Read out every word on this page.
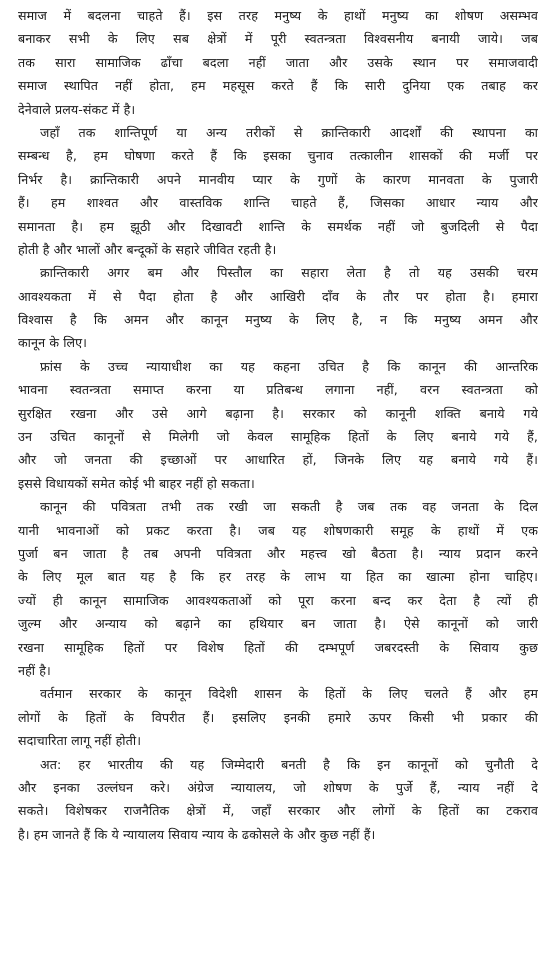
समाज में बदलना चाहते हैं। इस तरह मनुष्य के हाथों मनुष्य का शोषण असम्भव
बनाकर सभी के लिए सब क्षेत्रों में पूरी स्वतन्त्रता विश्वसनीय बनायी जाये। जब
तक सारा सामाजिक ढाँचा बदला नहीं जाता और उसके स्थान पर समाजवादी
समाज स्थापित नहीं होता, हम महसूस करते हैं कि सारी दुनिया एक तबाह कर
देनेवाले प्रलय-संकट में है।
जहाँ तक शान्तिपूर्ण या अन्य तरीकों से क्रान्तिकारी आदर्शों की स्थापना का
सम्बन्ध है, हम घोषणा करते हैं कि इसका चुनाव तत्कालीन शासकों की मर्जी पर
निर्भर है। क्रान्तिकारी अपने मानवीय प्यार के गुणों के कारण मानवता के पुजारी
हैं। हम शाश्वत और वास्तविक शान्ति चाहते हैं, जिसका आधार न्याय और
समानता है। हम झूठी और दिखावटी शान्ति के समर्थक नहीं जो बुजदिली से पैदा
होती है और भालों और बन्दूकों के सहारे जीवित रहती है।
क्रान्तिकारी अगर बम और पिस्तौल का सहारा लेता है तो यह उसकी चरम
आवश्यकता में से पैदा होता है और आखिरी दाँव के तौर पर होता है। हमारा
विश्वास है कि अमन और कानून मनुष्य के लिए है, न कि मनुष्य अमन और
कानून के लिए।
फ्रांस के उच्च न्यायाधीश का यह कहना उचित है कि कानून की आन्तरिक
भावना स्वतन्त्रता समाप्त करना या प्रतिबन्ध लगाना नहीं, वरन स्वतन्त्रता को
सुरक्षित रखना और उसे आगे बढ़ाना है। सरकार को कानूनी शक्ति बनाये गये
उन उचित कानूनों से मिलेगी जो केवल सामूहिक हितों के लिए बनाये गये हैं,
और जो जनता की इच्छाओं पर आधारित हों, जिनके लिए यह बनाये गये हैं।
इससे विधायकों समेत कोई भी बाहर नहीं हो सकता।
कानून की पवित्रता तभी तक रखी जा सकती है जब तक वह जनता के दिल
यानी भावनाओं को प्रकट करता है। जब यह शोषणकारी समूह के हाथों में एक
पुर्जा बन जाता है तब अपनी पवित्रता और महत्त्व खो बैठता है। न्याय प्रदान करने
के लिए मूल बात यह है कि हर तरह के लाभ या हित का खात्मा होना चाहिए।
ज्यों ही कानून सामाजिक आवश्यकताओं को पूरा करना बन्द कर देता है त्यों ही
जुल्म और अन्याय को बढ़ाने का हथियार बन जाता है। ऐसे कानूनों को जारी
रखना सामूहिक हितों पर विशेष हितों की दम्भपूर्ण जबरदस्ती के सिवाय कुछ
नहीं है।
वर्तमान सरकार के कानून विदेशी शासन के हितों के लिए चलते हैं और हम
लोगों के हितों के विपरीत हैं। इसलिए इनकी हमारे ऊपर किसी भी प्रकार की
सदाचारिता लागू नहीं होती।
अत: हर भारतीय की यह जिम्मेदारी बनती है कि इन कानूनों को चुनौती दे
और इनका उल्लंघन करे। अंग्रेज न्यायालय, जो शोषण के पुर्जे हैं, न्याय नहीं दे
सकते। विशेषकर राजनैतिक क्षेत्रों में, जहाँ सरकार और लोगों के हितों का टकराव
है। हम जानते हैं कि ये न्यायालय सिवाय न्याय के ढकोसले के और कुछ नहीं हैं।
